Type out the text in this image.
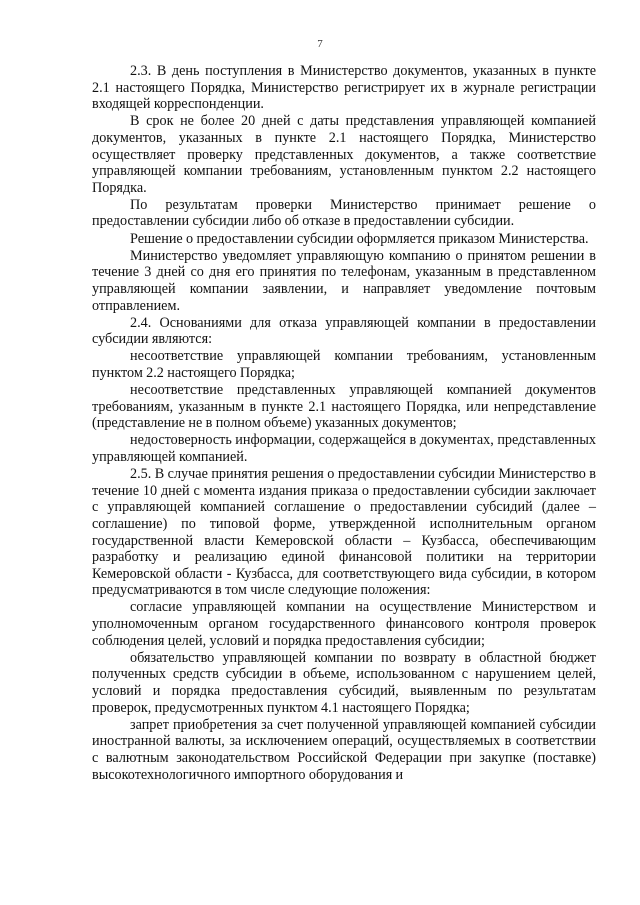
7

2.3. В день поступления в Министерство документов, указанных в пункте 2.1 настоящего Порядка, Министерство регистрирует их в журнале регистрации входящей корреспонденции.

В срок не более 20 дней с даты представления управляющей компанией документов, указанных в пункте 2.1 настоящего Порядка, Министерство осуществляет проверку представленных документов, а также соответствие управляющей компании требованиям, установленным пунктом 2.2 настоящего Порядка.

По результатам проверки Министерство принимает решение о предоставлении субсидии либо об отказе в предоставлении субсидии.

Решение о предоставлении субсидии оформляется приказом Министерства.

Министерство уведомляет управляющую компанию о принятом решении в течение 3 дней со дня его принятия по телефонам, указанным в представленном управляющей компании заявлении, и направляет уведомление почтовым отправлением.

2.4. Основаниями для отказа управляющей компании в предоставлении субсидии являются:

несоответствие управляющей компании требованиям, установленным пунктом 2.2 настоящего Порядка;

несоответствие представленных управляющей компанией документов требованиям, указанным в пункте 2.1 настоящего Порядка, или непредставление (представление не в полном объеме) указанных документов;

недостоверность информации, содержащейся в документах, представленных управляющей компанией.

2.5. В случае принятия решения о предоставлении субсидии Министерство в течение 10 дней с момента издания приказа о предоставлении субсидии заключает с управляющей компанией соглашение о предоставлении субсидий (далее – соглашение) по типовой форме, утвержденной исполнительным органом государственной власти Кемеровской области – Кузбасса, обеспечивающим разработку и реализацию единой финансовой политики на территории Кемеровской области - Кузбасса, для соответствующего вида субсидии, в котором предусматриваются в том числе следующие положения:

согласие управляющей компании на осуществление Министерством и уполномоченным органом государственного финансового контроля проверок соблюдения целей, условий и порядка предоставления субсидии;

обязательство управляющей компании по возврату в областной бюджет полученных средств субсидии в объеме, использованном с нарушением целей, условий и порядка предоставления субсидий, выявленным по результатам проверок, предусмотренных пунктом 4.1 настоящего Порядка;

запрет приобретения за счет полученной управляющей компанией субсидии иностранной валюты, за исключением операций, осуществляемых в соответствии с валютным законодательством Российской Федерации при закупке (поставке) высокотехнологичного импортного оборудования и
